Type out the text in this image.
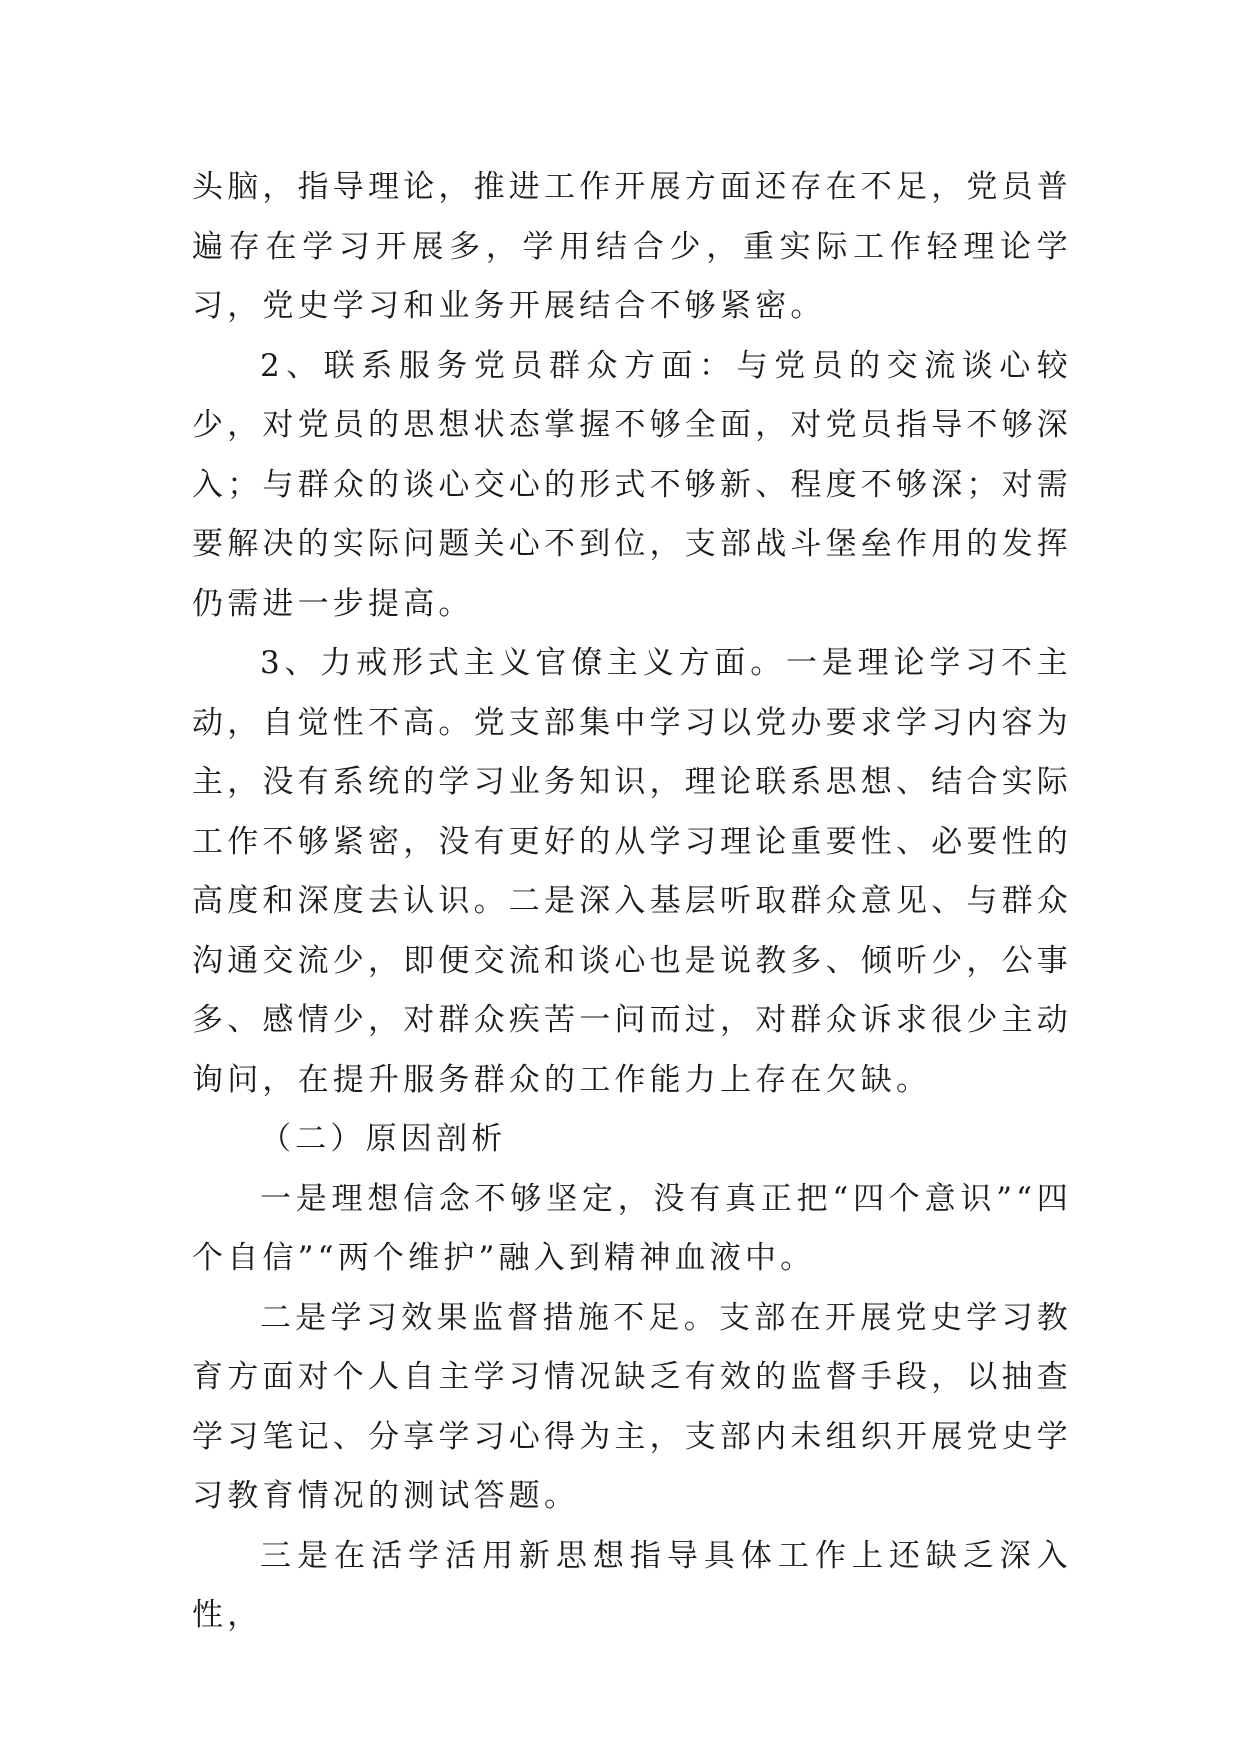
头脑，指导理论，推进工作开展方面还存在不足，党员普遍存在学习开展多，学用结合少，重实际工作轻理论学习，党史学习和业务开展结合不够紧密。

2、联系服务党员群众方面：与党员的交流谈心较少，对党员的思想状态掌握不够全面，对党员指导不够深入；与群众的谈心交心的形式不够新、程度不够深；对需要解决的实际问题关心不到位，支部战斗堡垒作用的发挥仍需进一步提高。

3、力戒形式主义官僚主义方面。一是理论学习不主动，自觉性不高。党支部集中学习以党办要求学习内容为主，没有系统的学习业务知识，理论联系思想、结合实际工作不够紧密，没有更好的从学习理论重要性、必要性的高度和深度去认识。二是深入基层听取群众意见、与群众沟通交流少，即便交流和谈心也是说教多、倾听少，公事多、感情少，对群众疾苦一问而过，对群众诉求很少主动询问，在提升服务群众的工作能力上存在欠缺。

（二）原因剖析

一是理想信念不够坚定，没有真正把“四个意识”“四个自信”“两个维护”融入到精神血液中。

二是学习效果监督措施不足。支部在开展党史学习教育方面对个人自主学习情况缺乏有效的监督手段，以抽查学习笔记、分享学习心得为主，支部内未组织开展党史学习教育情况的测试答题。

三是在活学活用新思想指导具体工作上还缺乏深入性，
